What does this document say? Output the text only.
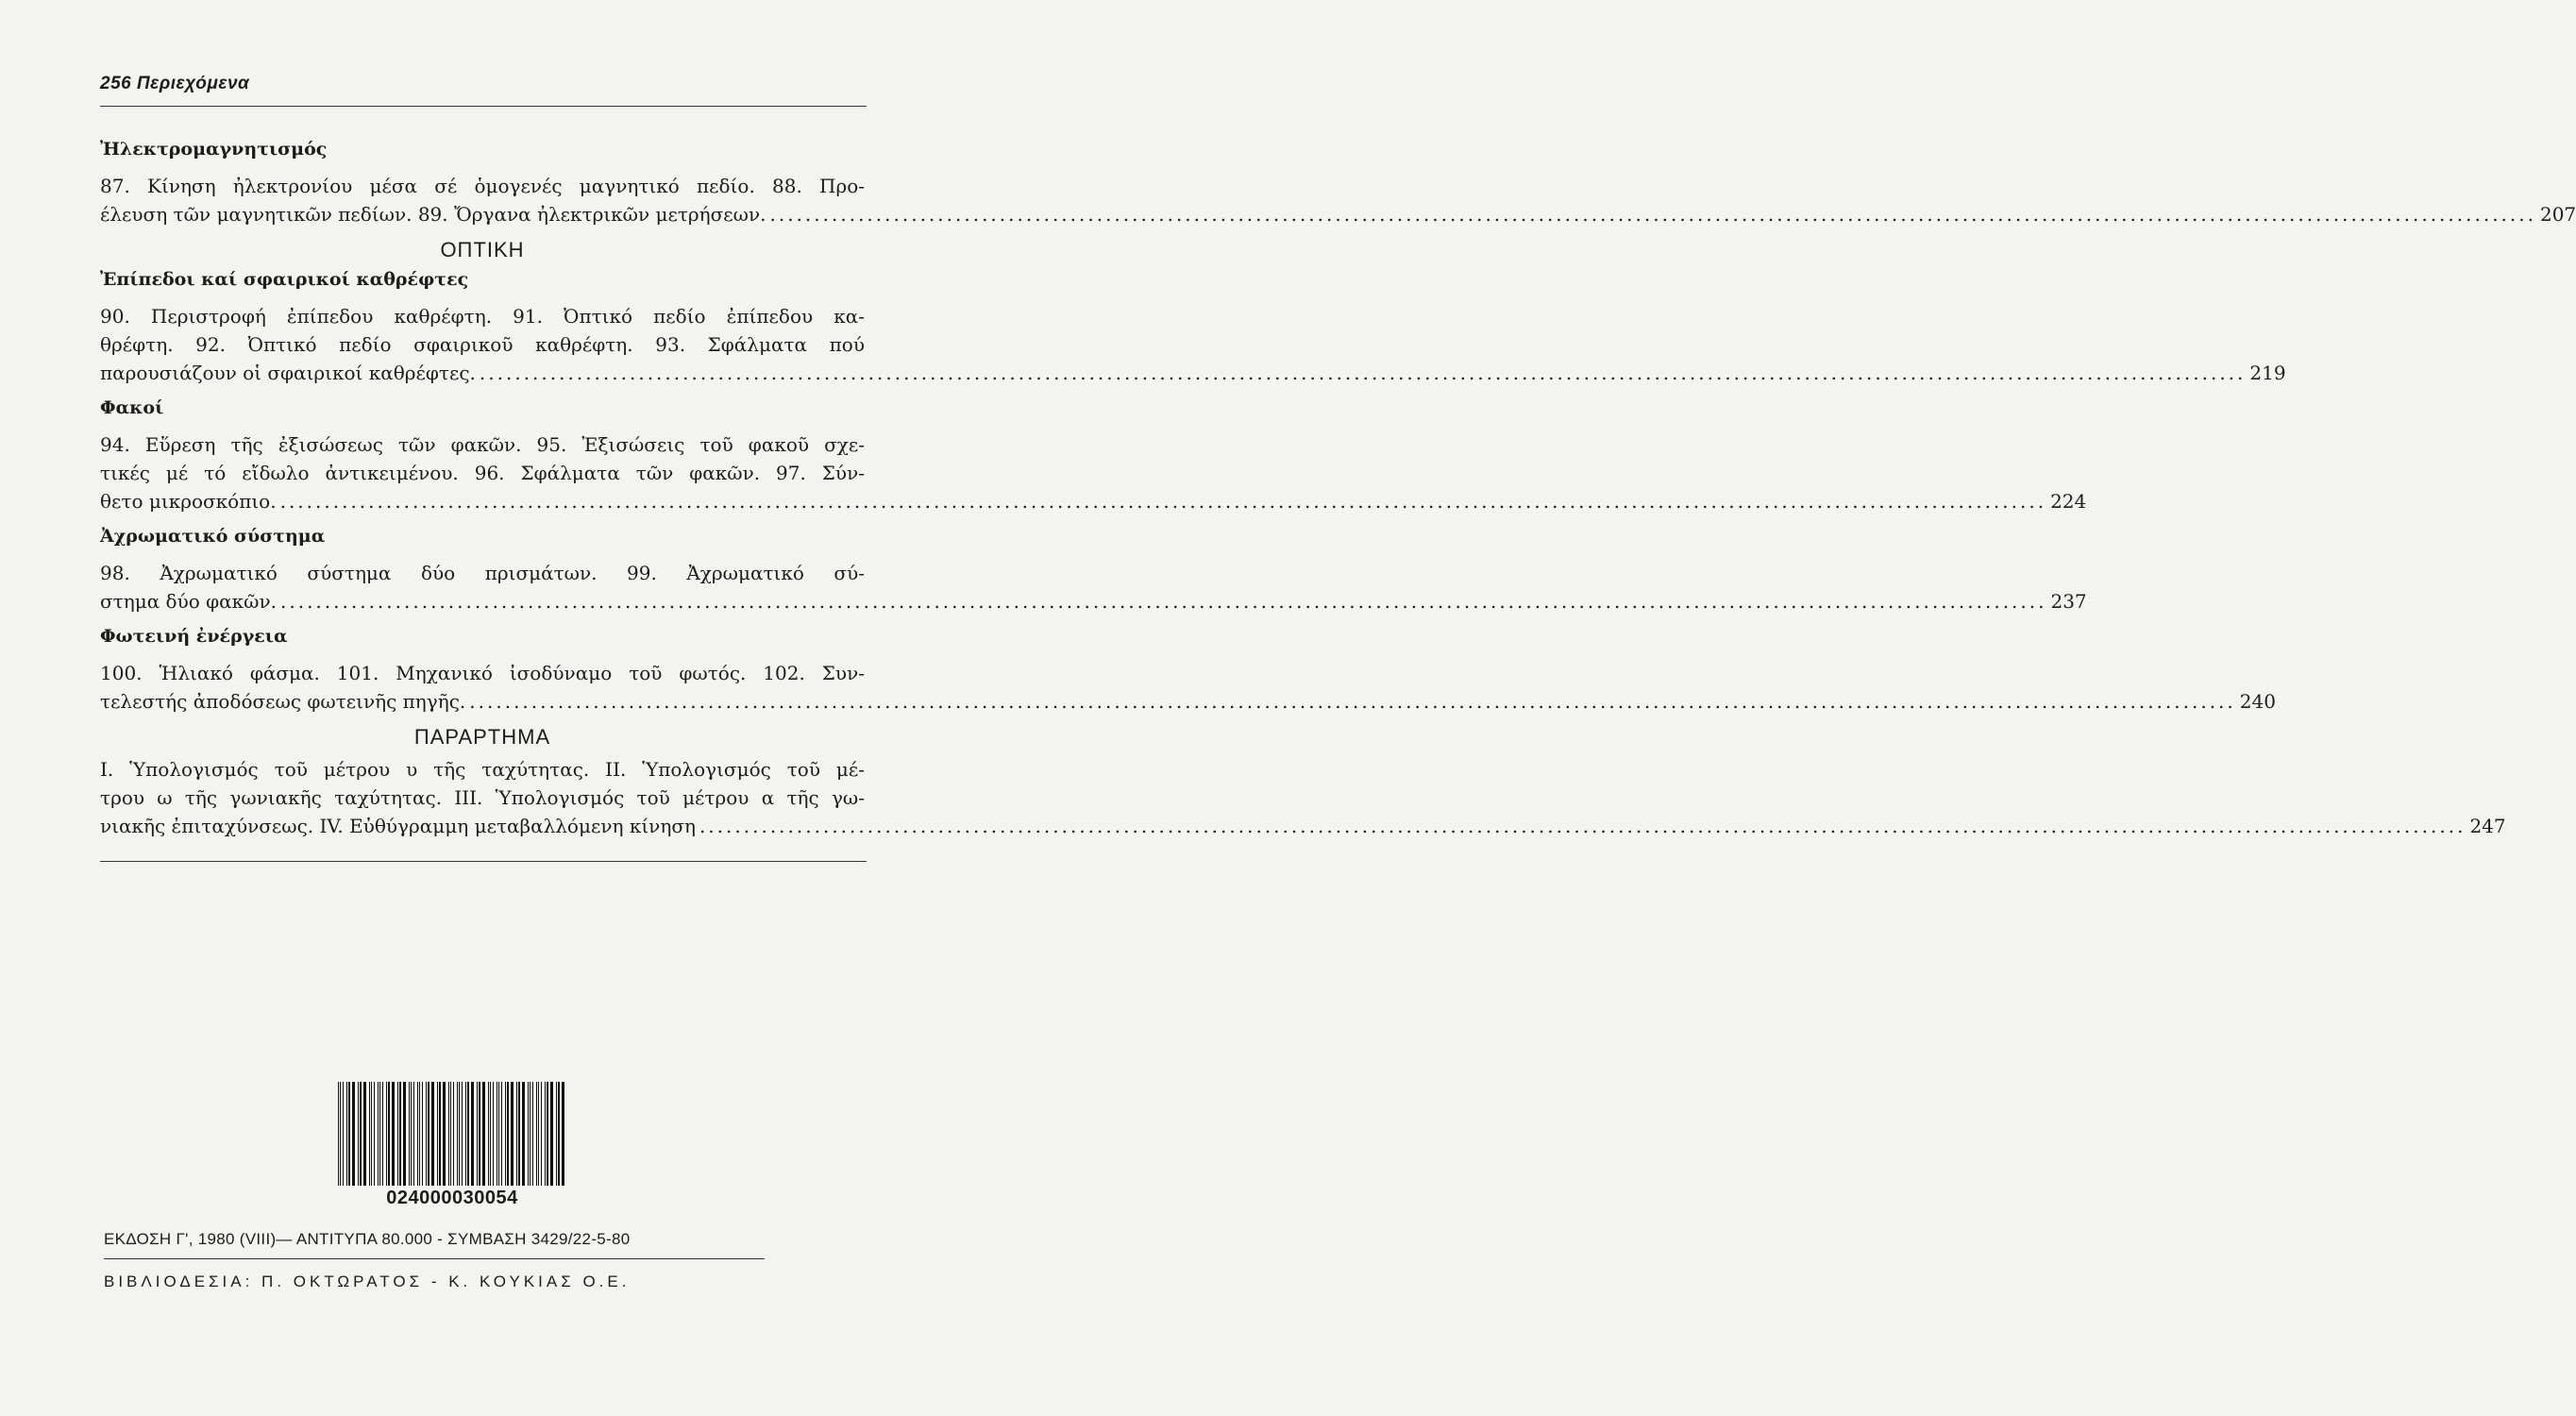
256 Περιεχόμενα
Ἠλεκτρομαγνητισμός
87. Κίνηση ἠλεκτρονίου μέσα σέ ὁμογενές μαγνητικό πεδίο. 88. Προ-
έλευση τῶν μαγνητικῶν πεδίων. 89. Ὄργανα ἠλεκτρικῶν μετρήσεων. ........................................................................................................................................................................................................ 207
ΟΠΤΙΚΗ
Ἐπίπεδοι καί σφαιρικοί καθρέφτες
90. Περιστροφή ἐπίπεδου καθρέφτη. 91. Ὀπτικό πεδίο ἐπίπεδου κα-
θρέφτη. 92. Ὀπτικό πεδίο σφαιρικοῦ καθρέφτη. 93. Σφάλματα πού
παρουσιάζουν οἱ σφαιρικοί καθρέφτες. ........................................................................................................................................................................................................ 219
Φακοί
94. Εὕρεση τῆς ἐξισώσεως τῶν φακῶν. 95. Ἐξισώσεις τοῦ φακοῦ σχε-
τικές μέ τό εἴδωλο ἀντικειμένου. 96. Σφάλματα τῶν φακῶν. 97. Σύν-
θετο μικροσκόπιο. ........................................................................................................................................................................................................ 224
Ἀχρωματικό σύστημα
98. Ἀχρωματικό σύστημα δύο πρισμάτων. 99. Ἀχρωματικό σύ-
στημα δύο φακῶν. ........................................................................................................................................................................................................ 237
Φωτεινή ἐνέργεια
100. Ἡλιακό φάσμα. 101. Μηχανικό ἰσοδύναμο τοῦ φωτός. 102. Συν-
τελεστής ἀποδόσεως φωτεινῆς πηγῆς. ........................................................................................................................................................................................................ 240
ΠΑΡΑΡΤΗΜΑ
Ι. Ὑπολογισμός τοῦ μέτρου υ τῆς ταχύτητας. ΙΙ. Ὑπολογισμός τοῦ μέ-
τρου ω τῆς γωνιακῆς ταχύτητας. ΙΙΙ. Ὑπολογισμός τοῦ μέτρου α τῆς γω-
νιακῆς ἐπιταχύνσεως. IV. Εὐθύγραμμη μεταβαλλόμενη κίνηση ........................................................................................................................................................................................................ 247
024000030054
ΕΚΔΟΣΗ Γ', 1980 (VIII)— ΑΝΤΙΤΥΠΑ 80.000 - ΣΥΜΒΑΣΗ 3429/22-5-80
ΒΙΒΛΙΟΔΕΣΙΑ: Π. ΟΚΤΩΡΑΤΟΣ - Κ. ΚΟΥΚΙΑΣ Ο.Ε.
